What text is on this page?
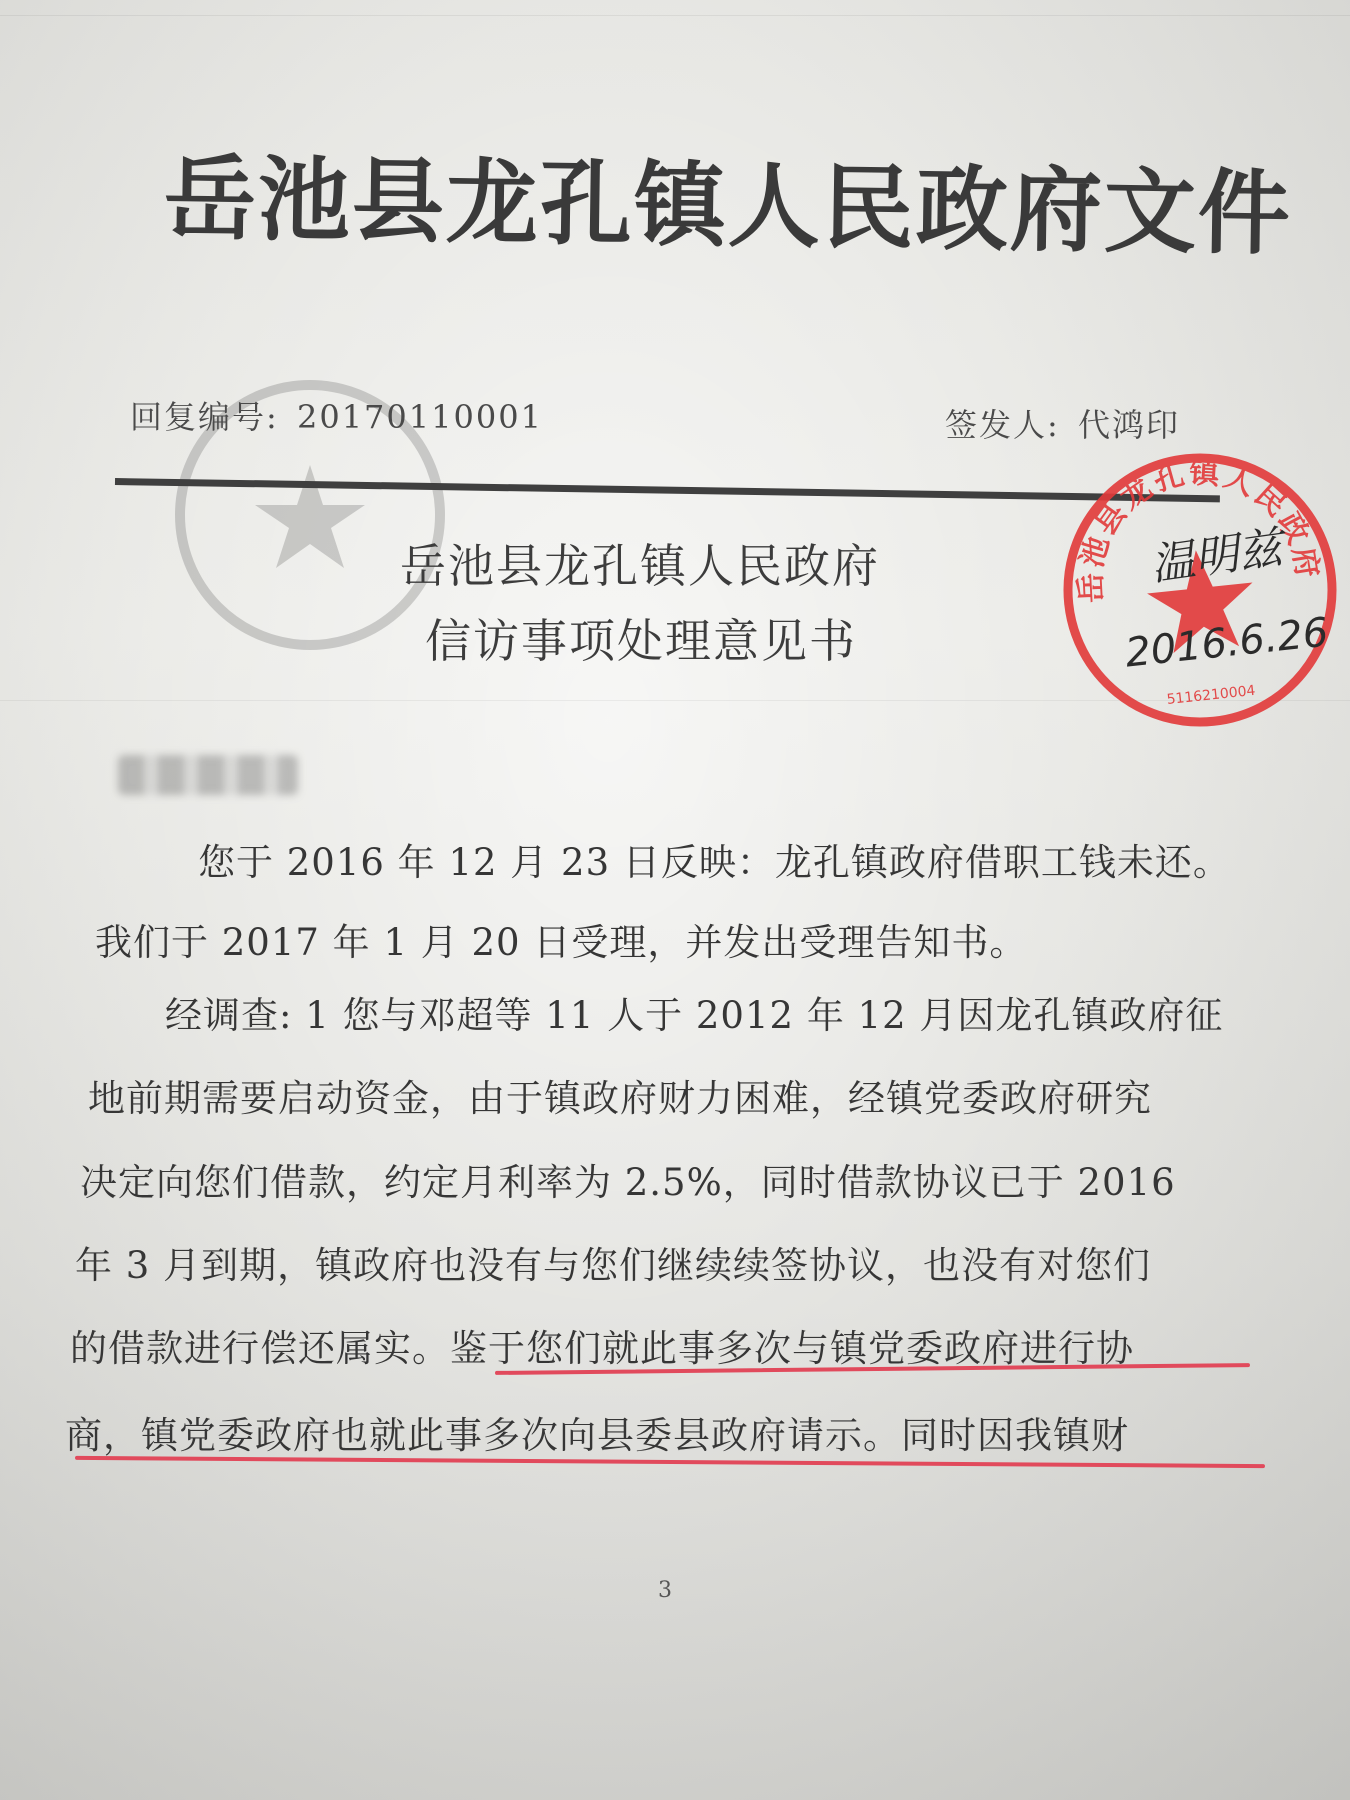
岳池县龙孔镇人民政府文件
回复编号: 20170110001	签发人: 代鸿印
岳池县龙孔镇人民政府
信访事项处理意见书
岳池县龙孔镇人民政府
5116210004
温明兹
2016.6.26
您于 2016 年 12 月 23 日反映：龙孔镇政府借职工钱未还。
我们于 2017 年 1 月 20 日受理，并发出受理告知书。
经调查: 1 您与邓超等 11 人于 2012 年 12 月因龙孔镇政府征
地前期需要启动资金，由于镇政府财力困难，经镇党委政府研究
决定向您们借款，约定月利率为 2.5%，同时借款协议已于 2016
年 3 月到期，镇政府也没有与您们继续续签协议，也没有对您们
的借款进行偿还属实。鉴于您们就此事多次与镇党委政府进行协
商，镇党委政府也就此事多次向县委县政府请示。同时因我镇财
3
